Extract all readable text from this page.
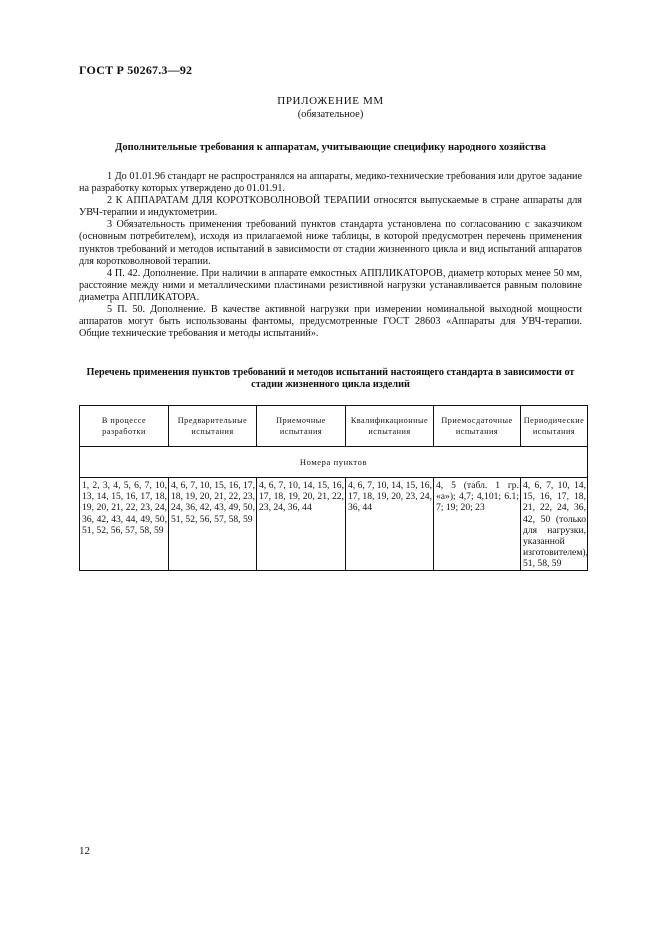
ГОСТ Р 50267.3—92
ПРИЛОЖЕНИЕ ММ
(обязательное)
Дополнительные требования к аппаратам, учитывающие специфику народного хозяйства

1 До 01.01.96 стандарт не распространялся на аппараты, медико-технические требования или другое задание на разработку которых утверждено до 01.01.91.

2 К АППАРАТАМ ДЛЯ КОРОТКОВОЛНОВОЙ ТЕРАПИИ относятся выпускаемые в стране аппараты для УВЧ-терапии и индуктометрии.

3 Обязательность применения требований пунктов стандарта установлена по согласованию с заказчиком (основным потребителем), исходя из прилагаемой ниже таблицы, в которой предусмотрен перечень применения пунктов требований и методов испытаний в зависимости от стадии жизненного цикла и вид испытаний аппаратов для коротковолновой терапии.

4 П. 42. Дополнение. При наличии в аппарате емкостных АППЛИКАТОРОВ, диаметр которых менее 50 мм, расстояние между ними и металлическими пластинами резистивной нагрузки устанавливается равным половине диаметра АППЛИКАТОРА.

5 П. 50. Дополнение. В качестве активной нагрузки при измерении номинальной выходной мощности аппаратов могут быть использованы фантомы, предусмотренные ГОСТ 28603 «Аппараты для УВЧ-терапии. Общие технические требования и методы испытаний».

Перечень применения пунктов требований и методов испытаний настоящего стандарта в зависимости от стадии жизненного цикла изделий
В процессе разработки	Предварительные испытания	Приемочные испытания	Квалификационные испытания	Приемосдаточные испытания	Периодические испытания
Номера пунктов					
1, 2, 3, 4, 5, 6, 7, 10, 13, 14, 15, 16, 17, 18, 19, 20, 21, 22, 23, 24, 36, 42, 43, 44, 49, 50, 51, 52, 56, 57, 58, 59	4, 6, 7, 10, 15, 16, 17, 18, 19, 20, 21, 22, 23, 24, 36, 42, 43, 49, 50, 51, 52, 56, 57, 58, 59	4, 6, 7, 10, 14, 15, 16, 17, 18, 19, 20, 21, 22, 23, 24, 36, 44	4, 6, 7, 10, 14, 15, 16, 17, 18, 19, 20, 23, 24, 36, 44	4, 5 (табл. 1 гр. «а»); 4,7; 4,101; 6.1; 7; 19; 20; 23	4, 6, 7, 10, 14, 15, 16, 17, 18, 21, 22, 24, 36, 42, 50 (только для нагрузки, указанной изготовителем), 51, 58, 59
12
